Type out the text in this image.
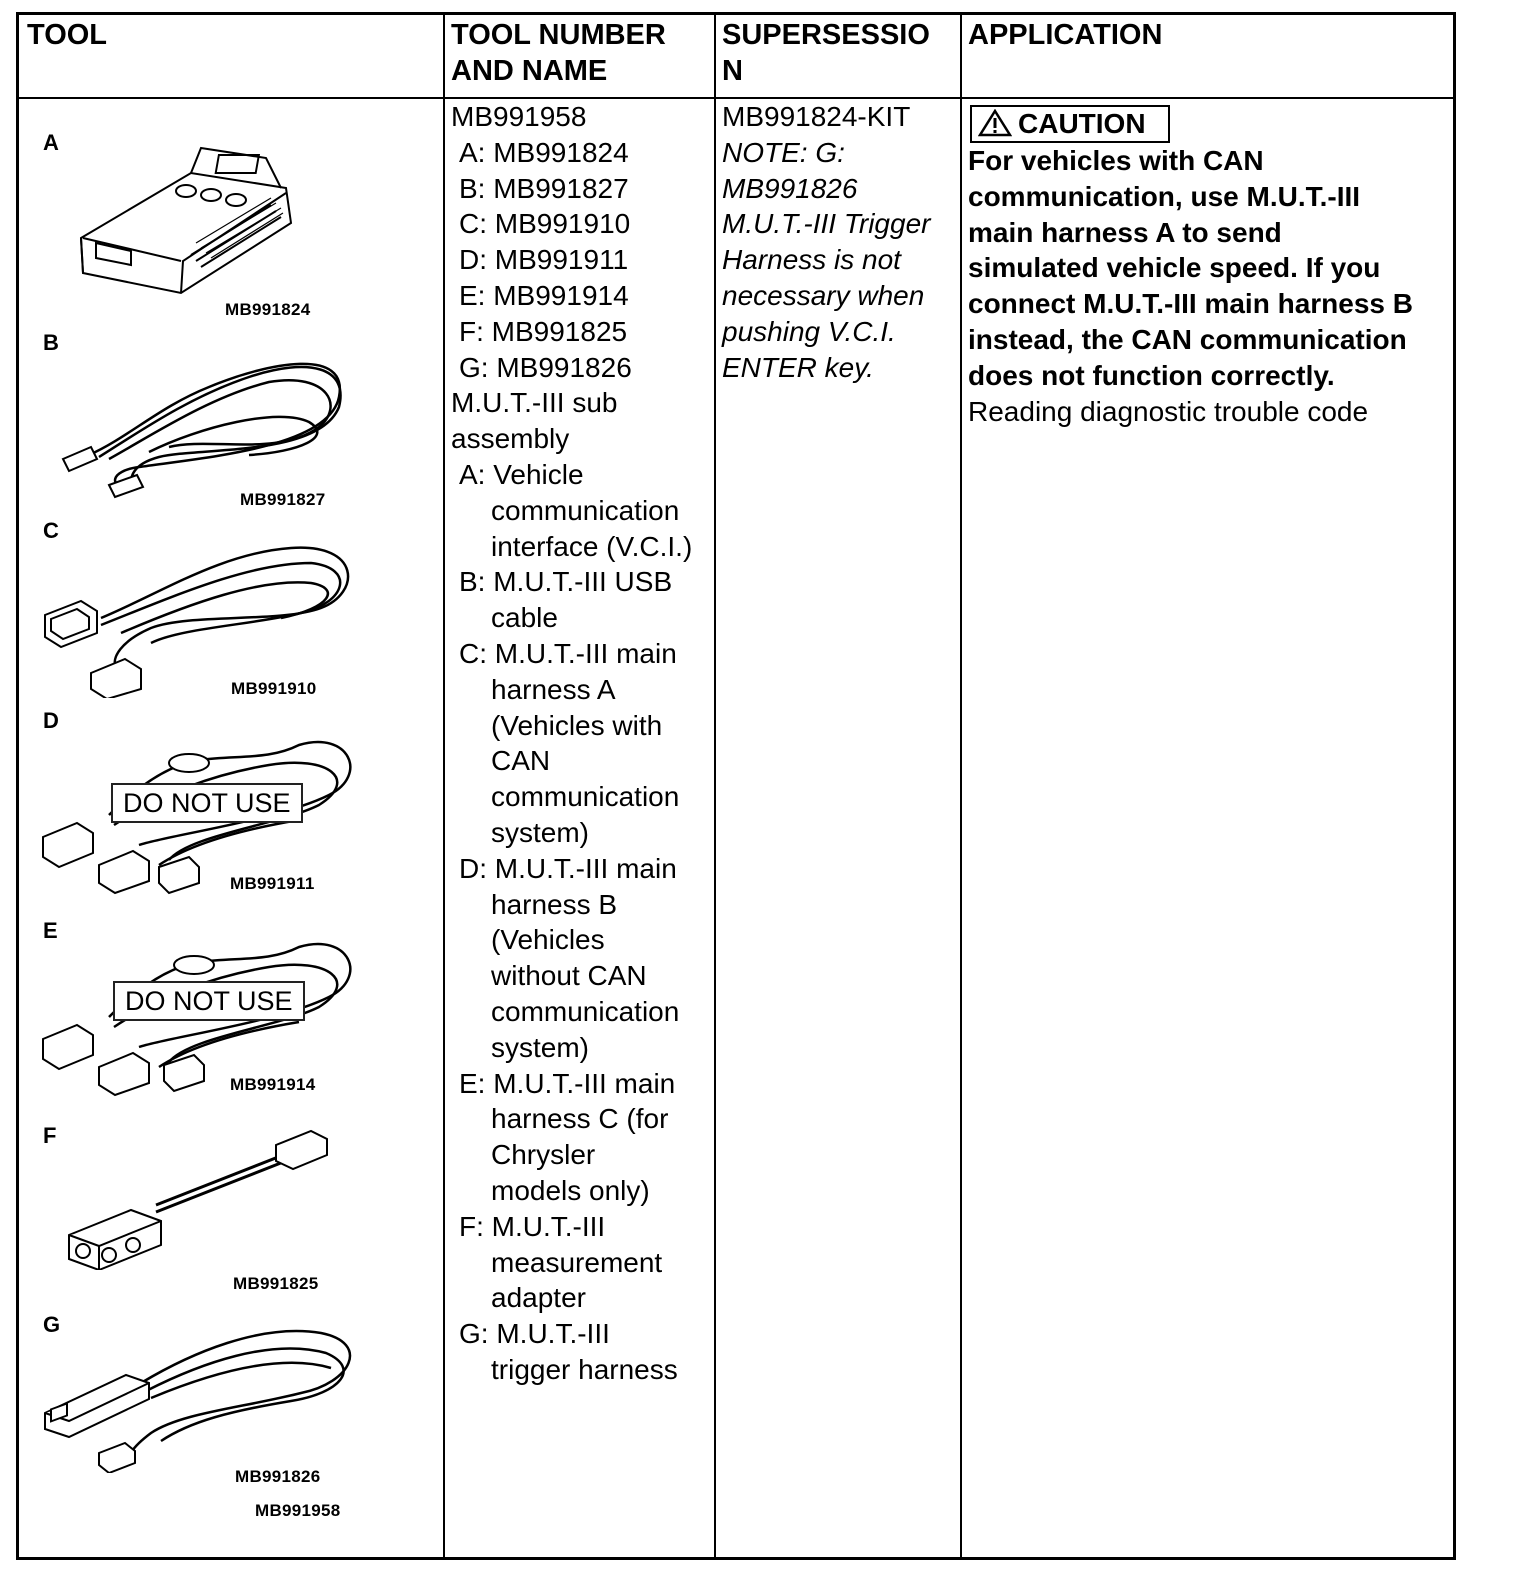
TOOL	TOOL NUMBER AND NAME
SUPERSESSIO N
APPLICATION
A
B
C
D
E
F
G
MB991824
MB991827
MB991910
MB991911
MB991914
MB991825
MB991826
MB991958
DO NOT USE
DO NOT USE
MB991958
A: MB991824
B: MB991827
C: MB991910
D: MB991911
E: MB991914
F: MB991825
G: MB991826
M.U.T.-III sub
assembly
A: Vehicle
communication
interface (V.C.I.)
B: M.U.T.-III USB
cable
C: M.U.T.-III main
harness A
(Vehicles with
CAN
communication
system)
D: M.U.T.-III main
harness B
(Vehicles
without CAN
communication
system)
E: M.U.T.-III main
harness C (for
Chrysler
models only)
F: M.U.T.-III
measurement
adapter
G: M.U.T.-III
trigger harness
MB991824-KIT
NOTE: G:
MB991826
M.U.T.-III Trigger
Harness is not
necessary when
pushing V.C.I.
ENTER key.
CAUTION
For vehicles with CAN
communication, use M.U.T.-III
main harness A to send
simulated vehicle speed. If you
connect M.U.T.-III main harness B
instead, the CAN communication
does not function correctly.
Reading diagnostic trouble code
